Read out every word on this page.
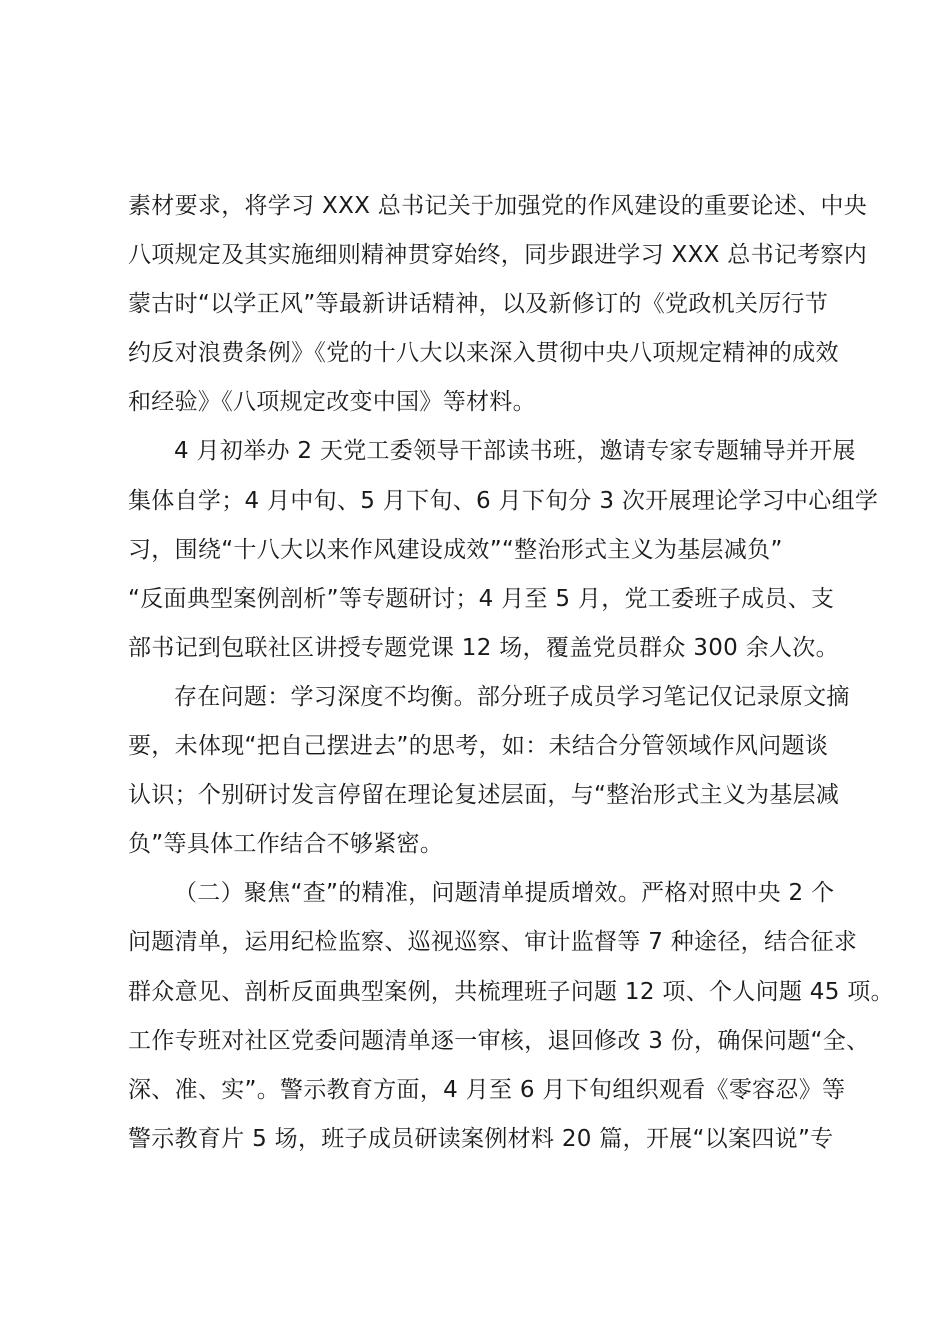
素材要求，将学习 XXX 总书记关于加强党的作风建设的重要论述、中央
八项规定及其实施细则精神贯穿始终，同步跟进学习 XXX 总书记考察内
蒙古时“以学正风”等最新讲话精神，以及新修订的《党政机关厉行节
约反对浪费条例》《党的十八大以来深入贯彻中央八项规定精神的成效
和经验》《八项规定改变中国》等材料。

4 月初举办 2 天党工委领导干部读书班，邀请专家专题辅导并开展
集体自学；4 月中旬、5 月下旬、6 月下旬分 3 次开展理论学习中心组学
习，围绕“十八大以来作风建设成效”“整治形式主义为基层减负”
“反面典型案例剖析”等专题研讨；4 月至 5 月，党工委班子成员、支
部书记到包联社区讲授专题党课 12 场，覆盖党员群众 300 余人次。

存在问题：学习深度不均衡。部分班子成员学习笔记仅记录原文摘
要，未体现“把自己摆进去”的思考，如：未结合分管领域作风问题谈
认识；个别研讨发言停留在理论复述层面，与“整治形式主义为基层减
负”等具体工作结合不够紧密。

（二）聚焦“查”的精准，问题清单提质增效。严格对照中央 2 个
问题清单，运用纪检监察、巡视巡察、审计监督等 7 种途径，结合征求
群众意见、剖析反面典型案例，共梳理班子问题 12 项、个人问题 45 项。
工作专班对社区党委问题清单逐一审核，退回修改 3 份，确保问题“全、
深、准、实”。警示教育方面，4 月至 6 月下旬组织观看《零容忍》等
警示教育片 5 场，班子成员研读案例材料 20 篇，开展“以案四说”专
